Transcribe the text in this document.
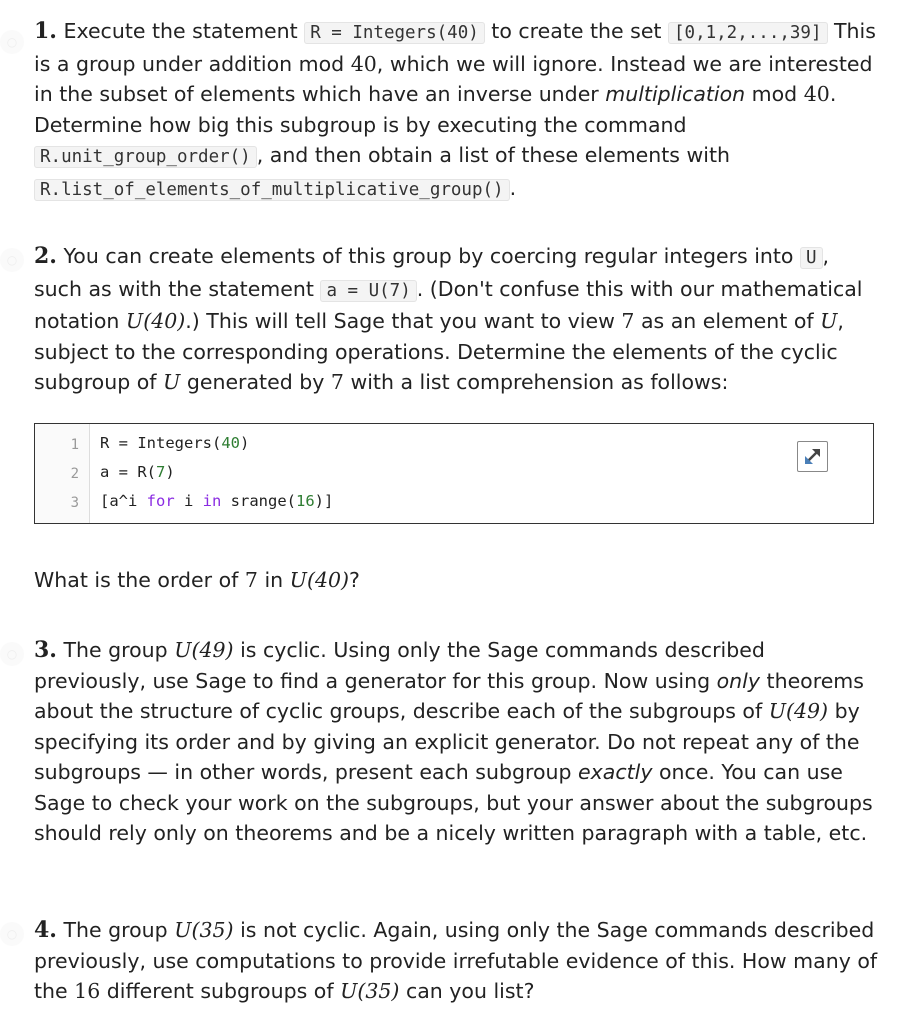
○ 1. Execute the statement R = Integers(40) to create the set [0,1,2,...,39] This is a group under addition mod 40, which we will ignore. Instead we are interested in the subset of elements which have an inverse under multiplication mod 40. Determine how big this subgroup is by executing the command R.unit_group_order() , and then obtain a list of these elements with R.list_of_elements_of_multiplicative_group() .

○ 2. You can create elements of this group by coercing regular integers into U , such as with the statement a = U(7) . (Don't confuse this with our mathematical notation U(40).) This will tell Sage that you want to view 7 as an element of U, subject to the corresponding operations. Determine the elements of the cyclic subgroup of U generated by 7 with a list comprehension as follows:

1
2
3
R = Integers(40)
a = R(7)
[a^i for i in srange(16)]

What is the order of 7 in U(40)?

○ 3. The group U(49) is cyclic. Using only the Sage commands described previously, use Sage to find a generator for this group. Now using only theorems about the structure of cyclic groups, describe each of the subgroups of U(49) by specifying its order and by giving an explicit generator. Do not repeat any of the subgroups — in other words, present each subgroup exactly once. You can use Sage to check your work on the subgroups, but your answer about the subgroups should rely only on theorems and be a nicely written paragraph with a table, etc.

○ 4. The group U(35) is not cyclic. Again, using only the Sage commands described previously, use computations to provide irrefutable evidence of this. How many of the 16 different subgroups of U(35) can you list?
